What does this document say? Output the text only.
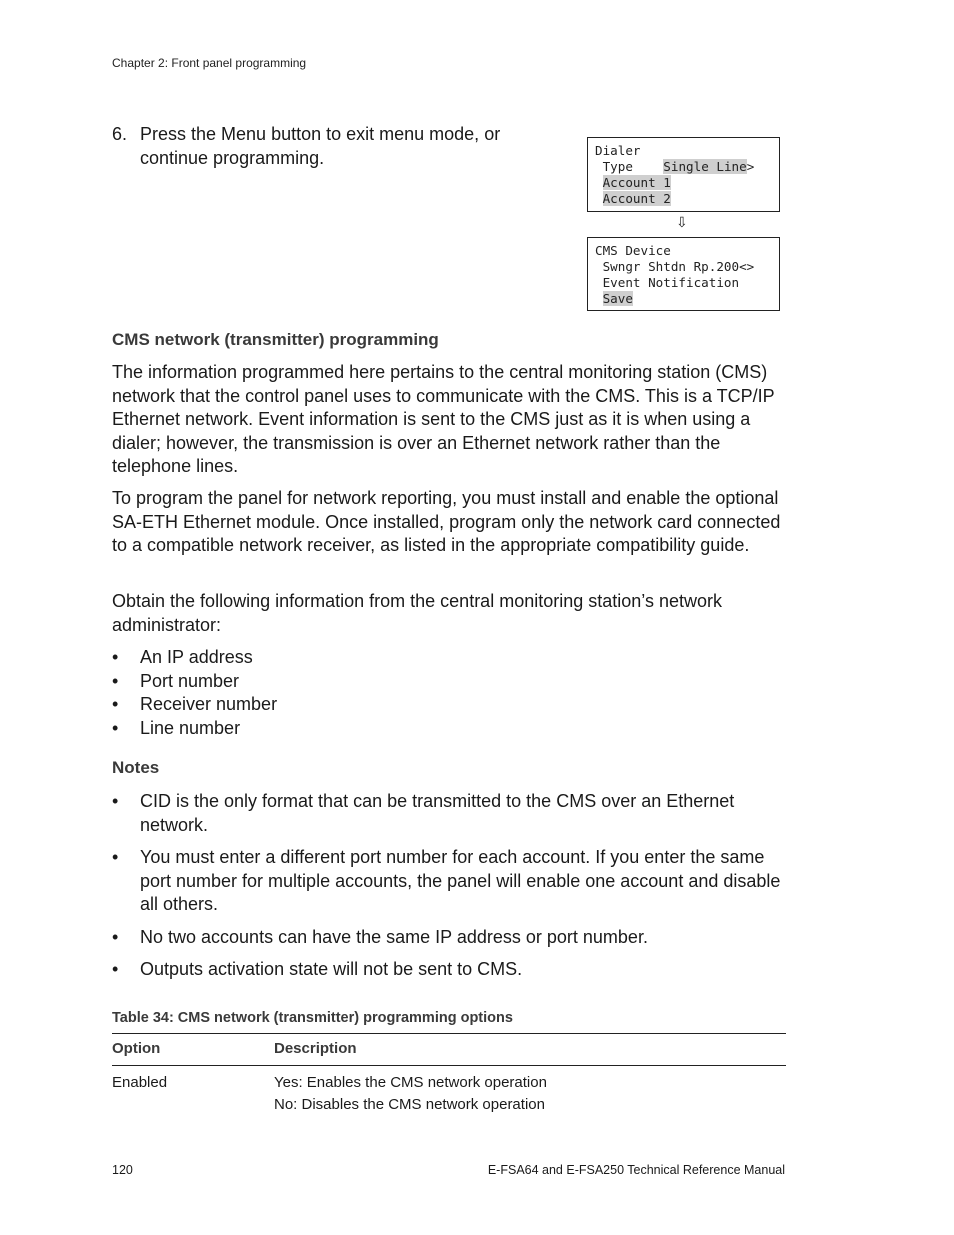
Chapter 2: Front panel programming
6. Press the Menu button to exit menu mode, or continue programming.	Dialer
Type Single Line>
Account 1
Account 2
⇩
CMS Device
Swngr Shtdn Rp.200<>
Event Notification
Save
CMS network (transmitter) programming

The information programmed here pertains to the central monitoring station (CMS) network that the control panel uses to communicate with the CMS. This is a TCP/IP Ethernet network. Event information is sent to the CMS just as it is when using a dialer; however, the transmission is over an Ethernet network rather than the telephone lines.

To program the panel for network reporting, you must install and enable the optional SA-ETH Ethernet module. Once installed, program only the network card connected to a compatible network receiver, as listed in the appropriate compatibility guide.

Obtain the following information from the central monitoring station’s network administrator:

• An IP address
• Port number
• Receiver number
• Line number
Notes
• CID is the only format that can be transmitted to the CMS over an Ethernet network.
• You must enter a different port number for each account. If you enter the same port number for multiple accounts, the panel will enable one account and disable all others.
• No two accounts can have the same IP address or port number.
• Outputs activation state will not be sent to CMS.
Table 34: CMS network (transmitter) programming options
Option	Description
Enabled	Yes: Enables the CMS network operation
No: Disables the CMS network operation
120	E-FSA64 and E-FSA250 Technical Reference Manual
